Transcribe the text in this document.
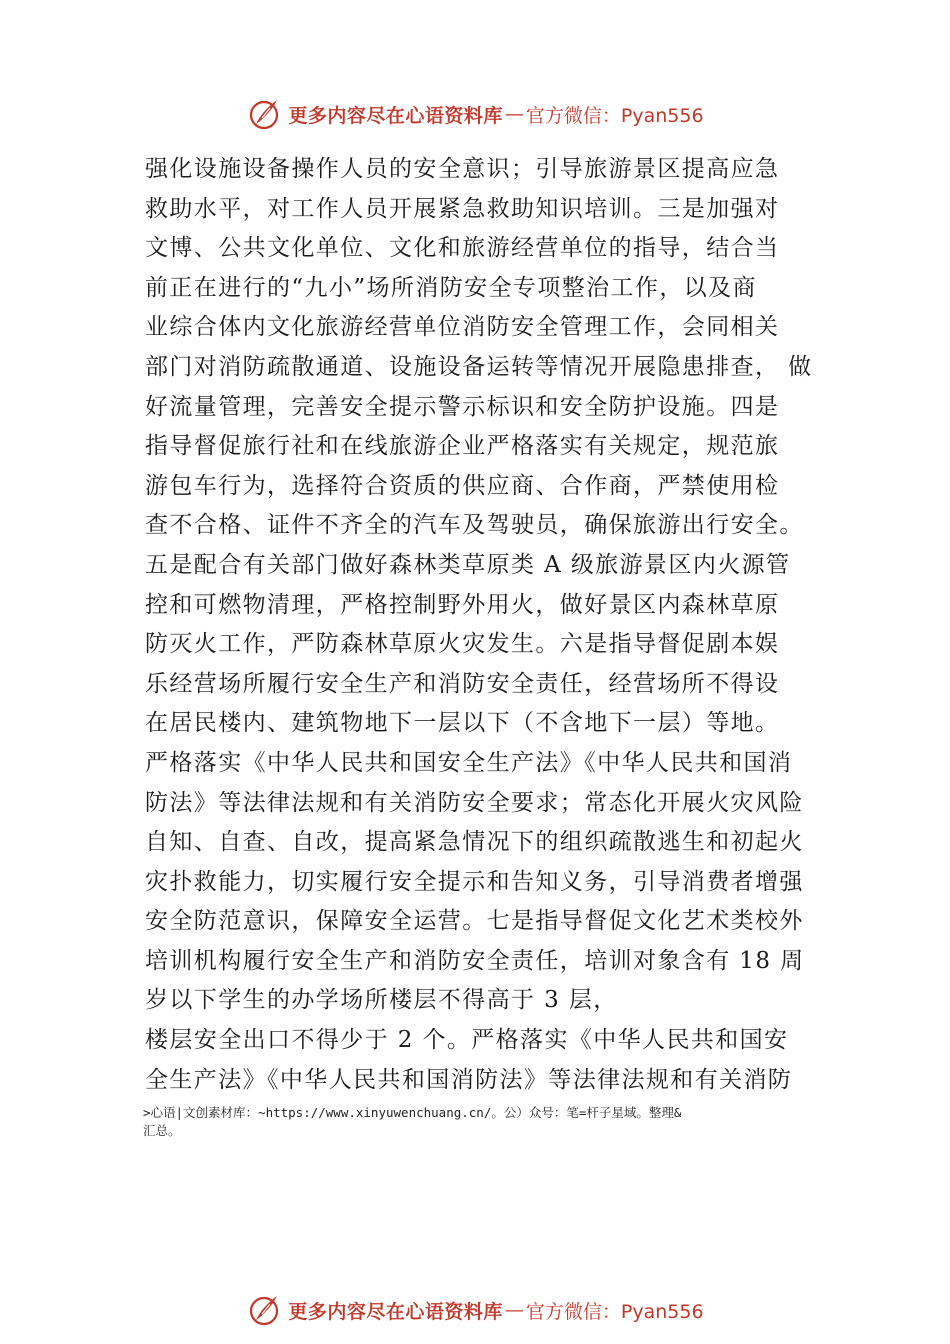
更多内容尽在心语资料库 — 官方微信：Pyan556
强化设施设备操作人员的安全意识；引导旅游景区提高应急
救助水平，对工作人员开展紧急救助知识培训。三是加强对
文博、公共文化单位、文化和旅游经营单位的指导，结合当
前正在进行的“九小”场所消防安全专项整治工作，以及商
业综合体内文化旅游经营单位消防安全管理工作，会同相关
部门对消防疏散通道、设施设备运转等情况开展隐患排查， 做
好流量管理，完善安全提示警示标识和安全防护设施。四是
指导督促旅行社和在线旅游企业严格落实有关规定，规范旅
游包车行为，选择符合资质的供应商、合作商，严禁使用检
查不合格、证件不齐全的汽车及驾驶员，确保旅游出行安全。
五是配合有关部门做好森林类草原类 A 级旅游景区内火源管
控和可燃物清理，严格控制野外用火，做好景区内森林草原
防灭火工作，严防森林草原火灾发生。六是指导督促剧本娱
乐经营场所履行安全生产和消防安全责任，经营场所不得设
在居民楼内、建筑物地下一层以下（不含地下一层）等地。
严格落实《中华人民共和国安全生产法》《中华人民共和国消
防法》等法律法规和有关消防安全要求；常态化开展火灾风险
自知、自查、自改，提高紧急情况下的组织疏散逃生和初起火
灾扑救能力，切实履行安全提示和告知义务，引导消费者增强
安全防范意识，保障安全运营。七是指导督促文化艺术类校外
培训机构履行安全生产和消防安全责任，培训对象含有 18 周
岁以下学生的办学场所楼层不得高于 3 层，
楼层安全出口不得少于 2 个。严格落实《中华人民共和国安
全生产法》《中华人民共和国消防法》等法律法规和有关消防
>心语|文创素材库：~https://www.xinyuwenchuang.cn/。公）众号：笔=杆子星域。整理&
汇总。
更多内容尽在心语资料库 — 官方微信：Pyan556
